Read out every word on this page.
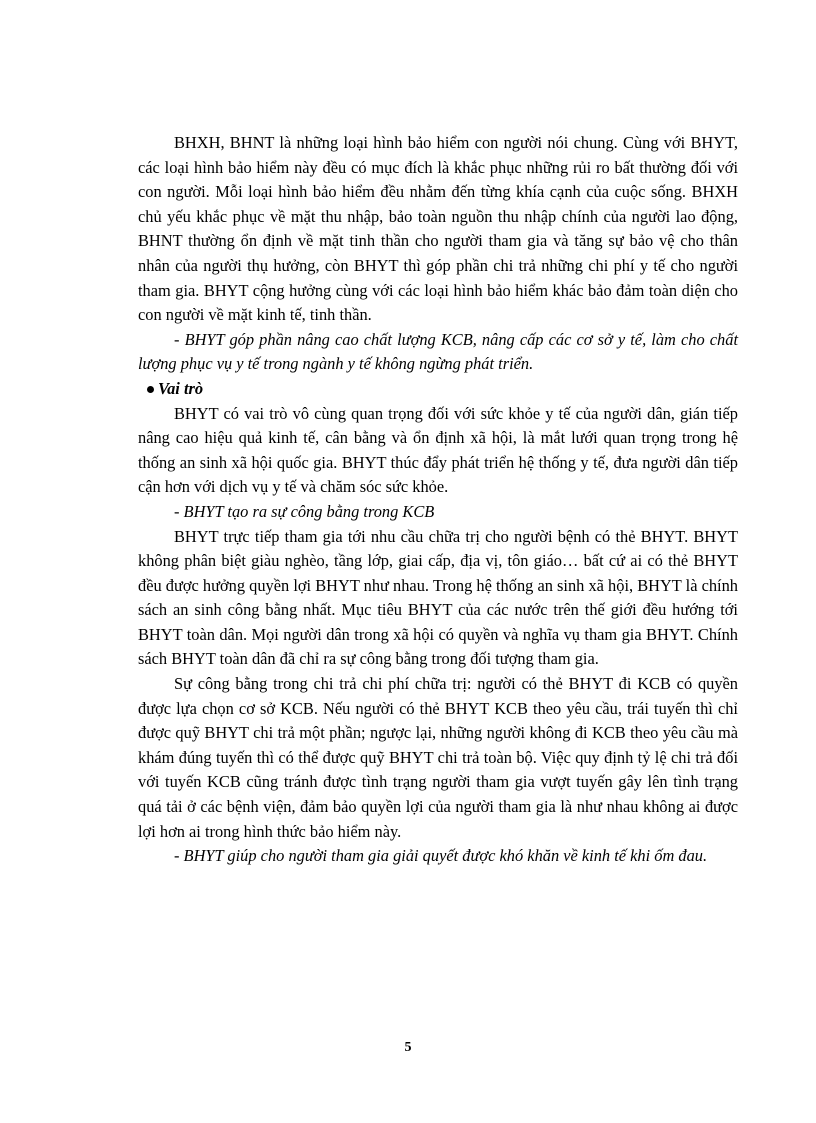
BHXH, BHNT là những loại hình bảo hiểm con người nói chung. Cùng với BHYT, các loại hình bảo hiểm này đều có mục đích là khắc phục những rủi ro bất thường đối với con người. Mỗi loại hình bảo hiểm đều nhằm đến từng khía cạnh của cuộc sống. BHXH chủ yếu khắc phục về mặt thu nhập, bảo toàn nguồn thu nhập chính của người lao động, BHNT thường ổn định về mặt tinh thần cho người tham gia và tăng sự bảo vệ cho thân nhân của người thụ hưởng, còn BHYT thì góp phần chi trả những chi phí y tế cho người tham gia. BHYT cộng hưởng cùng với các loại hình bảo hiểm khác bảo đảm toàn diện cho con người về mặt kinh tế, tinh thần.

- BHYT góp phần nâng cao chất lượng KCB, nâng cấp các cơ sở y tế, làm cho chất lượng phục vụ y tế trong ngành y tế không ngừng phát triển.

Vai trò

BHYT có vai trò vô cùng quan trọng đối với sức khỏe y tế của người dân, gián tiếp nâng cao hiệu quả kinh tế, cân bằng và ổn định xã hội, là mắt lưới quan trọng trong hệ thống an sinh xã hội quốc gia. BHYT thúc đẩy phát triển hệ thống y tế, đưa người dân tiếp cận hơn với dịch vụ y tế và chăm sóc sức khỏe.

- BHYT tạo ra sự công bằng trong KCB

BHYT trực tiếp tham gia tới nhu cầu chữa trị cho người bệnh có thẻ BHYT. BHYT không phân biệt giàu nghèo, tầng lớp, giai cấp, địa vị, tôn giáo… bất cứ ai có thẻ BHYT đều được hưởng quyền lợi BHYT như nhau. Trong hệ thống an sinh xã hội, BHYT là chính sách an sinh công bằng nhất. Mục tiêu BHYT của các nước trên thế giới đều hướng tới BHYT toàn dân. Mọi người dân trong xã hội có quyền và nghĩa vụ tham gia BHYT. Chính sách BHYT toàn dân đã chỉ ra sự công bằng trong đối tượng tham gia.

Sự công bằng trong chi trả chi phí chữa trị: người có thẻ BHYT đi KCB có quyền được lựa chọn cơ sở KCB. Nếu người có thẻ BHYT KCB theo yêu cầu, trái tuyến thì chỉ được quỹ BHYT chi trả một phần; ngược lại, những người không đi KCB theo yêu cầu mà khám đúng tuyến thì có thể được quỹ BHYT chi trả toàn bộ. Việc quy định tỷ lệ chi trả đối với tuyến KCB cũng tránh được tình trạng người tham gia vượt tuyến gây lên tình trạng quá tải ở các bệnh viện, đảm bảo quyền lợi của người tham gia là như nhau không ai được lợi hơn ai trong hình thức bảo hiểm này.

- BHYT giúp cho người tham gia giải quyết được khó khăn về kinh tế khi ốm đau.

5
